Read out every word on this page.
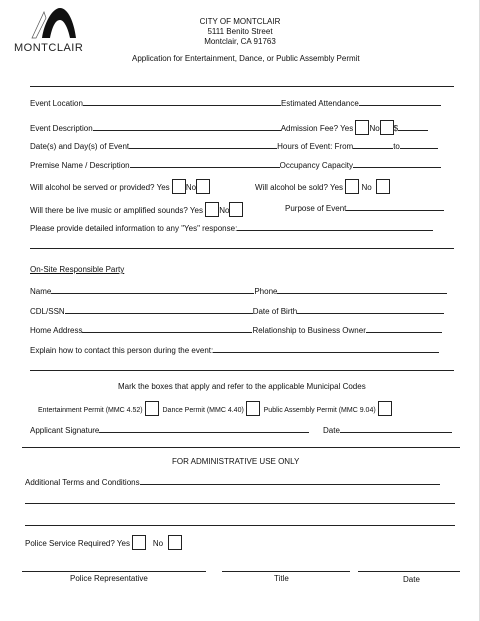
MONTCLAIR
CITY OF MONTCLAIR
5111 Benito Street
Montclair, CA 91763
Application for Entertainment, Dance, or Public Assembly Permit
Event Location	Estimated Attendance
Event Description	Admission Fee? Yes No $
Date(s) and Day(s) of Event	Hours of Event: From	to
Premise Name / Description	Occupancy Capacity
Will alcohol be served or provided? Yes No	Will alcohol be sold? Yes No
Will there be live music or amplified sounds? Yes No	Purpose of Event
Please provide detailed information to any "Yes" response:
On-Site Responsible Party
Name	Phone
CDL/SSN	Date of Birth
Home Address	Relationship to Business Owner
Explain how to contact this person during the event:
Mark the boxes that apply and refer to the applicable Municipal Codes
Entertainment Permit (MMC 4.52)	Dance Permit (MMC 4.40)	Public Assembly Permit (MMC 9.04)
Applicant Signature	Date
FOR ADMINISTRATIVE USE ONLY
Additional Terms and Conditions
Police Service Required? Yes	No
Police Representative	Title	Date
